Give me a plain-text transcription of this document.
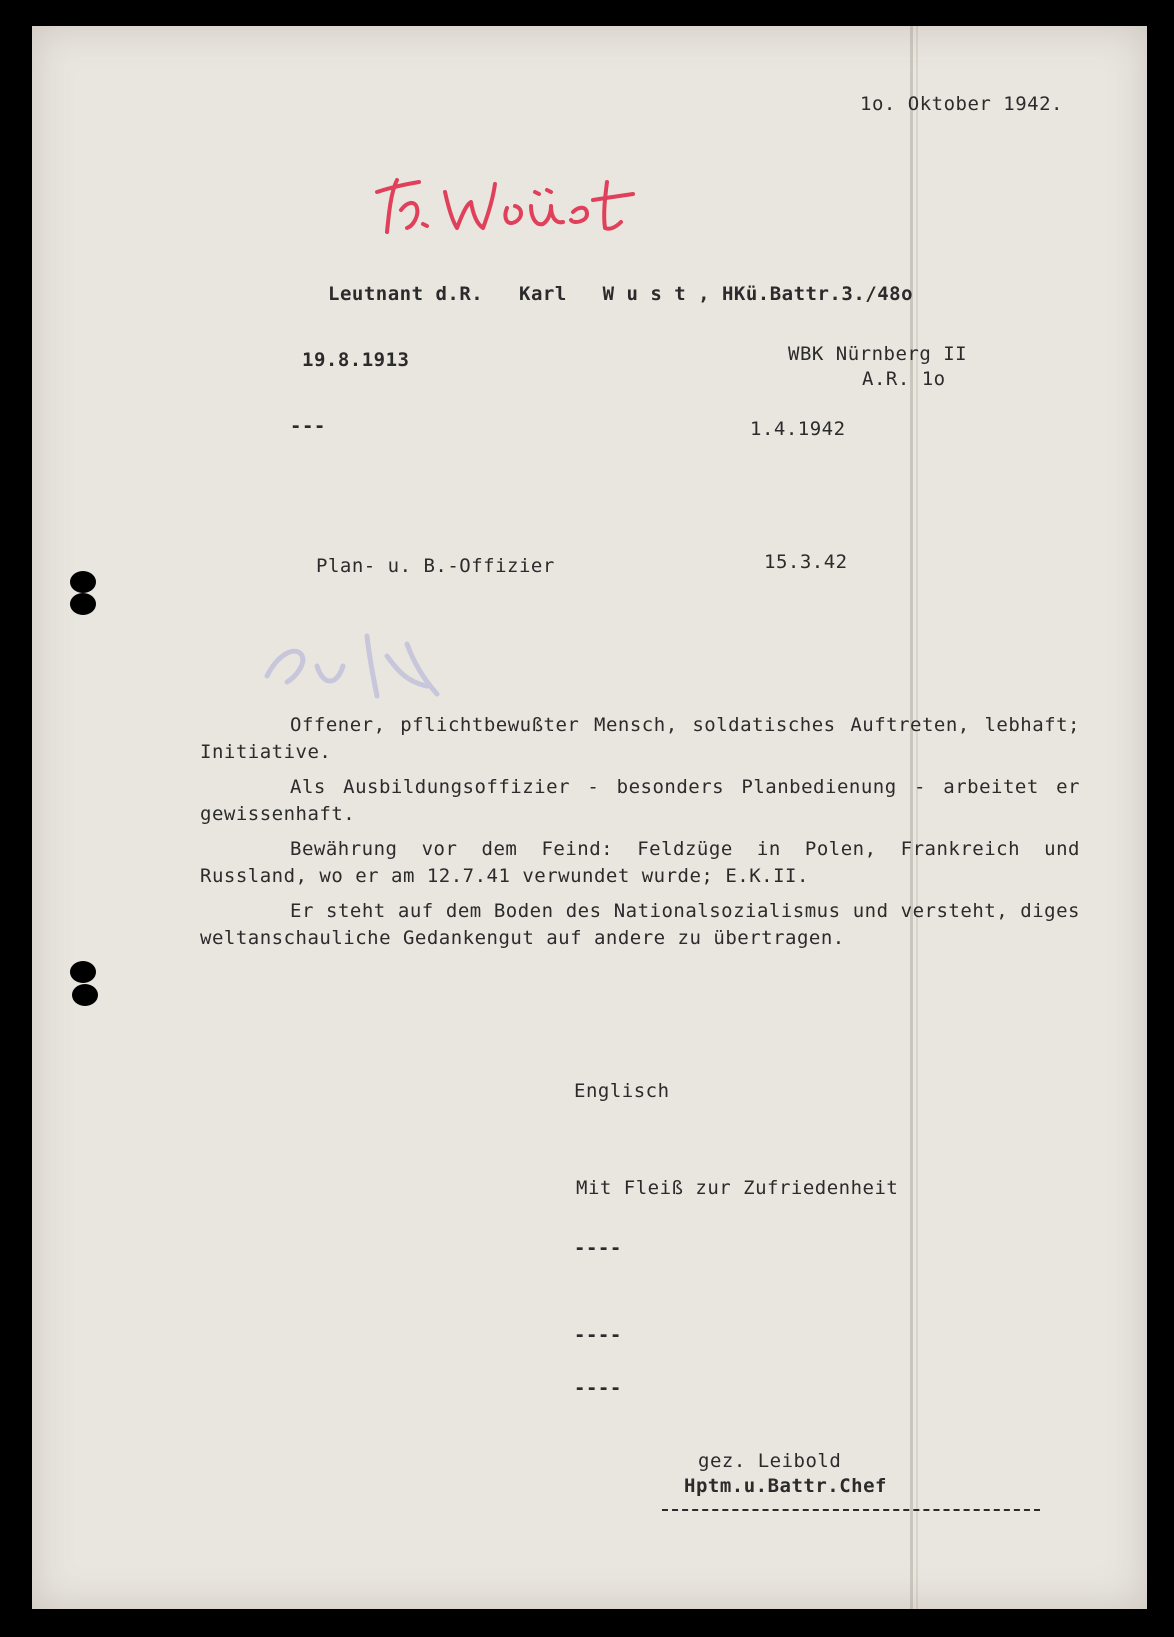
1o. Oktober 1942.
Leutnant d.R.   Karl   W u s t , HKü.Battr.3./48o
19.8.1913	WBK Nürnberg II
A.R. 1o
---	1.4.1942
Plan- u. B.-Offizier	15.3.42

Offener, pflichtbewußter Mensch, soldatisches Auftreten, lebhaft; Initiative.

Als Ausbildungsoffizier - besonders Planbedienung - arbeitet er gewissenhaft.

Bewährung vor dem Feind: Feldzüge in Polen, Frankreich und Russland, wo er am 12.7.41 verwundet wurde; E.K.II.

Er steht auf dem Boden des Nationalsozialismus und versteht, diges weltanschauliche Gedankengut auf andere zu übertragen.

Englisch
Mit Fleiß zur Zufriedenheit
----
----
----
gez. Leibold
Hptm.u.Battr.Chef
